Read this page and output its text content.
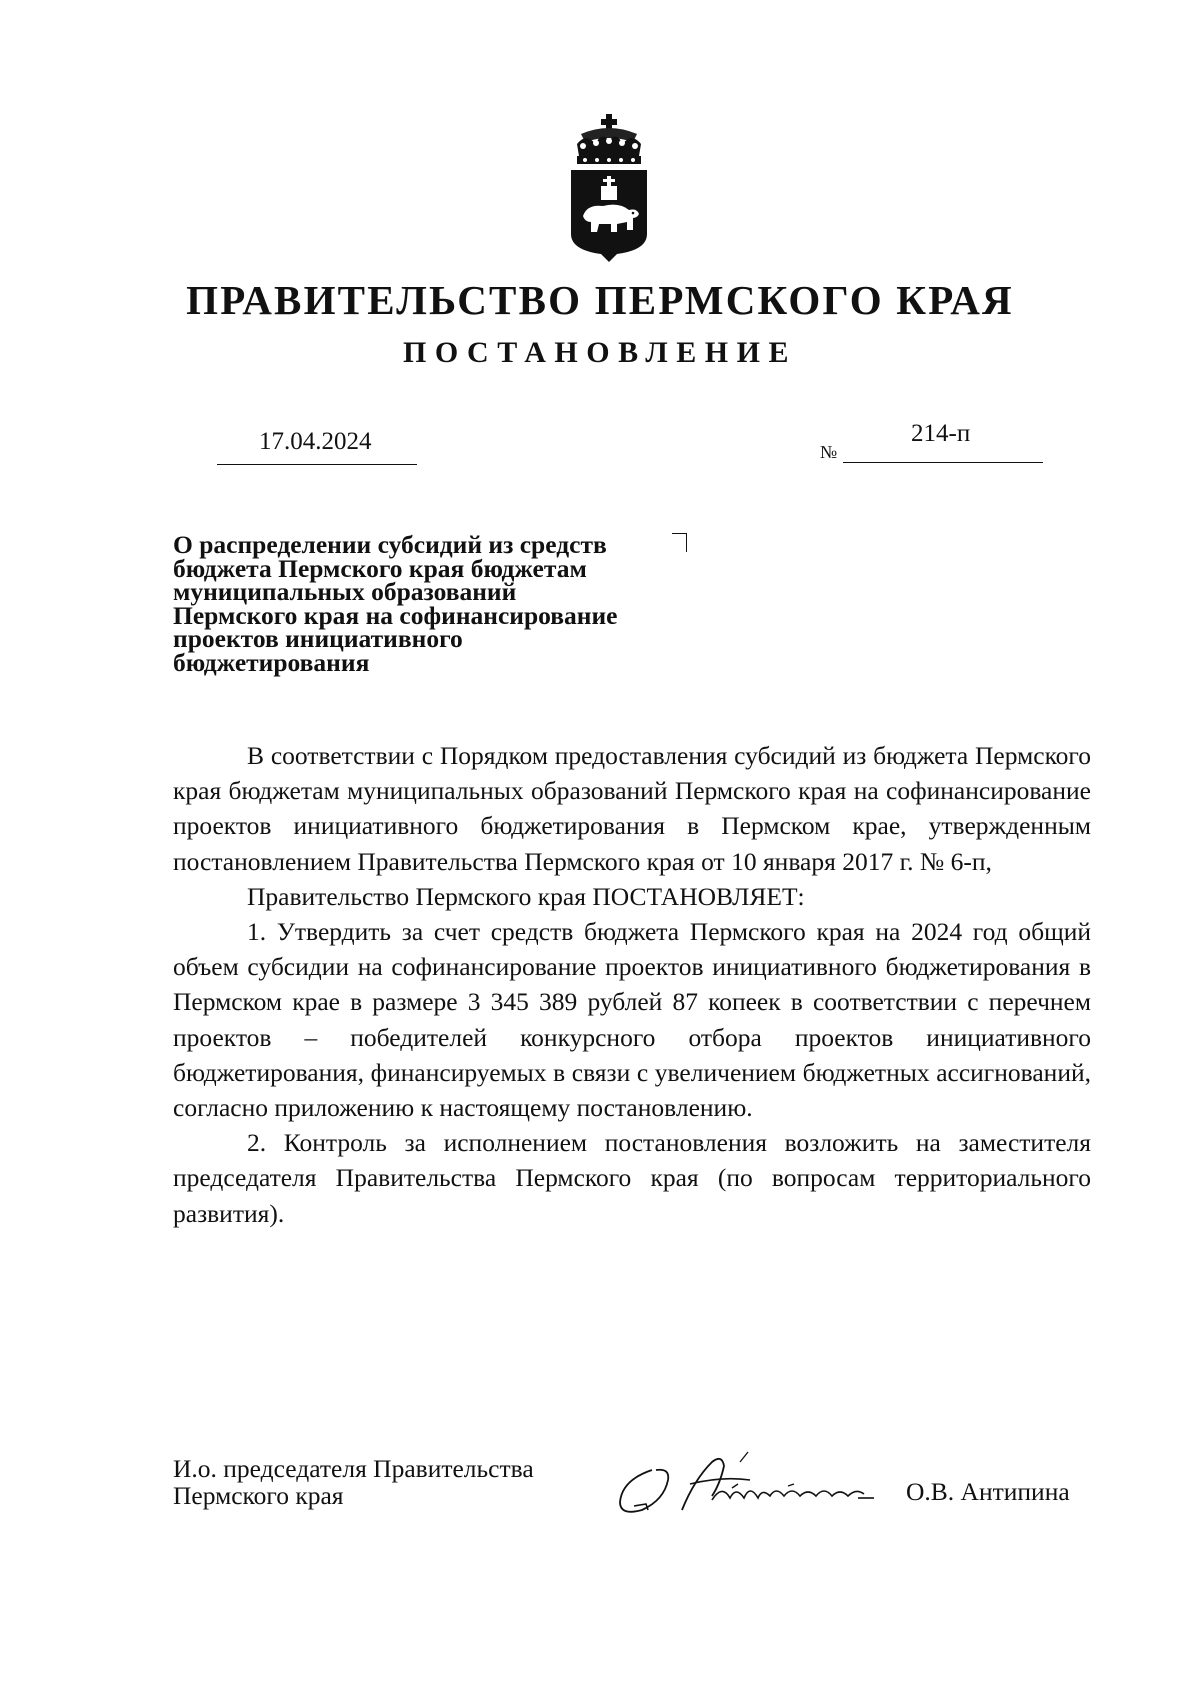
ПРАВИТЕЛЬСТВО ПЕРМСКОГО КРАЯ
ПОСТАНОВЛЕНИЕ
17.04.2024	№
214-п
О распределении субсидий из средств
бюджета Пермского края бюджетам
муниципальных образований
Пермского края на софинансирование
проектов инициативного
бюджетирования

В соответствии с Порядком предоставления субсидий из бюджета Пермского края бюджетам муниципальных образований Пермского края на софинансирование проектов инициативного бюджетирования в Пермском крае, утвержденным постановлением Правительства Пермского края от 10 января 2017 г. № 6-п,

Правительство Пермского края ПОСТАНОВЛЯЕТ:

1. Утвердить за счет средств бюджета Пермского края на 2024 год общий объем субсидии на софинансирование проектов инициативного бюджетирования в Пермском крае в размере 3 345 389 рублей 87 копеек в соответствии с перечнем проектов – победителей конкурсного отбора проектов инициативного бюджетирования, финансируемых в связи с увеличением бюджетных ассигнований, согласно приложению к настоящему постановлению.

2. Контроль за исполнением постановления возложить на заместителя председателя Правительства Пермского края (по вопросам территориального развития).

И.о. председателя Правительства
Пермского края	О.В. Антипина
